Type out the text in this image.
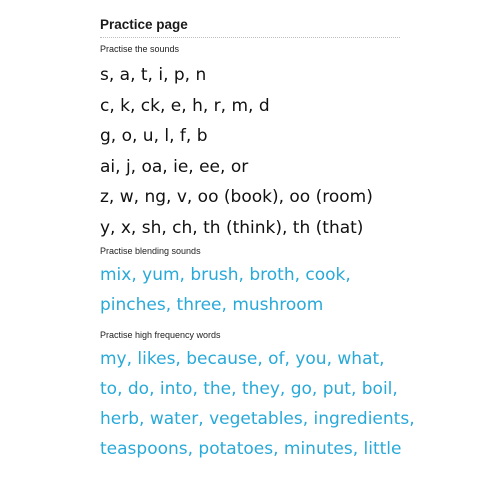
Practice page
Practise the sounds
s, a, t, i, p, n
c, k, ck, e, h, r, m, d
g, o, u, l, f, b
ai, j, oa, ie, ee, or
z, w, ng, v, oo (book), oo (room)
y, x, sh, ch, th (think), th (that)
Practise blending sounds
mix, yum, brush, broth, cook,
pinches, three, mushroom
Practise high frequency words
my, likes, because, of, you, what,
to, do, into, the, they, go, put, boil,
herb, water, vegetables, ingredients,
teaspoons, potatoes, minutes, little
